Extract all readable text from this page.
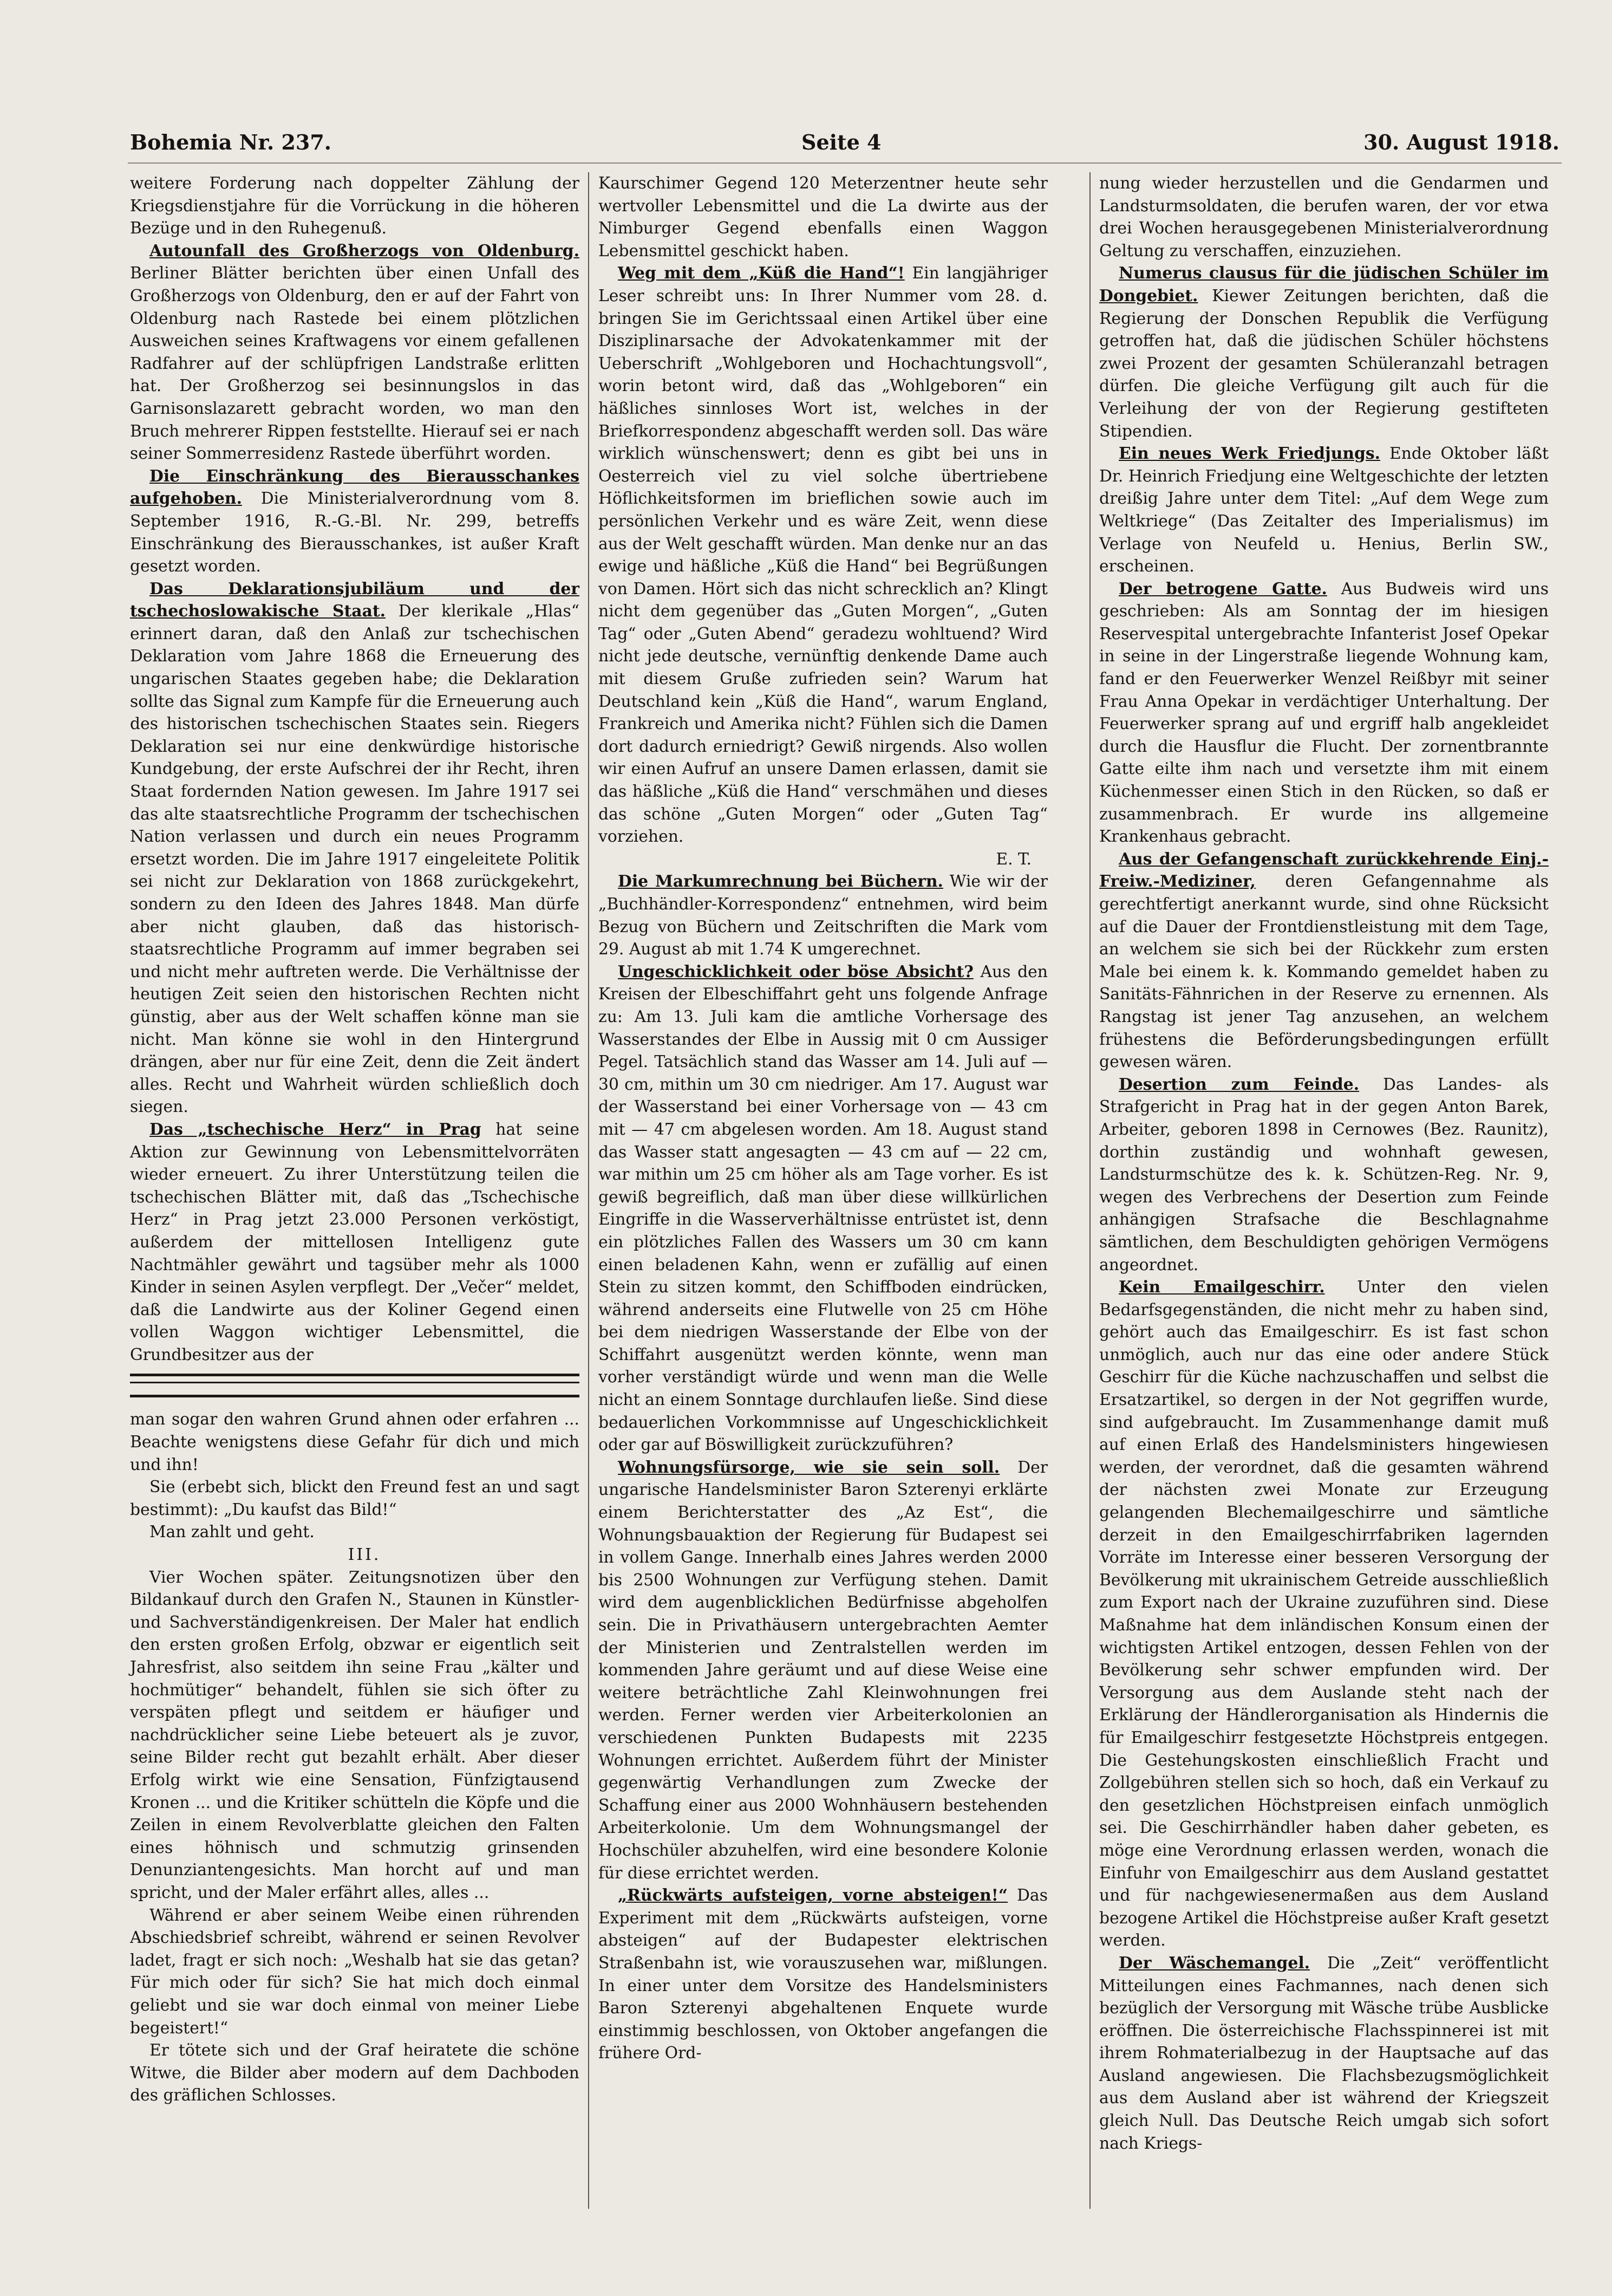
Bohemia Nr. 237.	Seite 4	30. August 1918.

weitere Forderung nach doppelter Zählung der Kriegsdienstjahre für die Vorrückung in die höheren Bezüge und in den Ruhegenuß.

Autounfall des Großherzogs von Oldenburg. Berliner Blätter berichten über einen Unfall des Großherzogs von Oldenburg, den er auf der Fahrt von Oldenburg nach Rastede bei einem plötzlichen Ausweichen seines Kraftwagens vor einem gefallenen Radfahrer auf der schlüpfrigen Landstraße erlitten hat. Der Großherzog sei besinnungslos in das Garnisonslazarett gebracht worden, wo man den Bruch mehrerer Rippen feststellte. Hierauf sei er nach seiner Sommerresidenz Rastede überführt worden.

Die Einschränkung des Bierausschankes aufgehoben. Die Ministerialverordnung vom 8. September 1916, R.-G.-Bl. Nr. 299, betreffs Einschränkung des Bierausschankes, ist außer Kraft gesetzt worden.

Das Deklarationsjubiläum und der tschechoslowakische Staat. Der klerikale „Hlas“ erinnert daran, daß den Anlaß zur tschechischen Deklaration vom Jahre 1868 die Erneuerung des ungarischen Staates gegeben habe; die Deklaration sollte das Signal zum Kampfe für die Erneuerung auch des historischen tschechischen Staates sein. Riegers Deklaration sei nur eine denkwürdige historische Kundgebung, der erste Aufschrei der ihr Recht, ihren Staat fordernden Nation gewesen. Im Jahre 1917 sei das alte staatsrechtliche Programm der tschechischen Nation verlassen und durch ein neues Programm ersetzt worden. Die im Jahre 1917 eingeleitete Politik sei nicht zur Deklaration von 1868 zurückgekehrt, sondern zu den Ideen des Jahres 1848. Man dürfe aber nicht glauben, daß das historisch-staatsrechtliche Programm auf immer begraben sei und nicht mehr auftreten werde. Die Verhältnisse der heutigen Zeit seien den historischen Rechten nicht günstig, aber aus der Welt schaffen könne man sie nicht. Man könne sie wohl in den Hintergrund drängen, aber nur für eine Zeit, denn die Zeit ändert alles. Recht und Wahrheit würden schließlich doch siegen.

Das „tschechische Herz“ in Prag hat seine Aktion zur Gewinnung von Lebensmittelvorräten wieder erneuert. Zu ihrer Unterstützung teilen die tschechischen Blätter mit, daß das „Tschechische Herz“ in Prag jetzt 23.000 Personen verköstigt, außerdem der mittellosen Intelligenz gute Nachtmähler gewährt und tagsüber mehr als 1000 Kinder in seinen Asylen verpflegt. Der „Večer“ meldet, daß die Landwirte aus der Koliner Gegend einen vollen Waggon wichtiger Lebensmittel, die Grundbesitzer aus der

man sogar den wahren Grund ahnen oder erfahren ... Beachte wenigstens diese Gefahr für dich und mich und ihn!

Sie (erbebt sich, blickt den Freund fest an und sagt bestimmt): „Du kaufst das Bild!“

Man zahlt und geht.

III.

Vier Wochen später. Zeitungsnotizen über den Bildankauf durch den Grafen N., Staunen in Künstler- und Sachverständigenkreisen. Der Maler hat endlich den ersten großen Erfolg, obzwar er eigentlich seit Jahresfrist, also seitdem ihn seine Frau „kälter und hochmütiger“ behandelt, fühlen sie sich öfter zu verspäten pflegt und seitdem er häufiger und nachdrücklicher seine Liebe beteuert als je zuvor, seine Bilder recht gut bezahlt erhält. Aber dieser Erfolg wirkt wie eine Sensation, Fünfzigtausend Kronen ... und die Kritiker schütteln die Köpfe und die Zeilen in einem Revolverblatte gleichen den Falten eines höhnisch und schmutzig grinsenden Denunziantengesichts. Man horcht auf und man spricht, und der Maler erfährt alles, alles ...

Während er aber seinem Weibe einen rührenden Abschiedsbrief schreibt, während er seinen Revolver ladet, fragt er sich noch: „Weshalb hat sie das getan? Für mich oder für sich? Sie hat mich doch einmal geliebt und sie war doch einmal von meiner Liebe begeistert!“

Er tötete sich und der Graf heiratete die schöne Witwe, die Bilder aber modern auf dem Dachboden des gräflichen Schlosses.

Kaurschimer Gegend 120 Meterzentner heute sehr wertvoller Lebensmittel und die La dwirte aus der Nimburger Gegend ebenfalls einen Waggon Lebensmittel geschickt haben.

Weg mit dem „Küß die Hand“! Ein langjähriger Leser schreibt uns: In Ihrer Nummer vom 28. d. bringen Sie im Gerichtssaal einen Artikel über eine Disziplinarsache der Advokatenkammer mit der Ueberschrift „Wohlgeboren und Hochachtungsvoll“, worin betont wird, daß das „Wohlgeboren“ ein häßliches sinnloses Wort ist, welches in der Briefkorrespondenz abgeschafft werden soll. Das wäre wirklich wünschenswert; denn es gibt bei uns in Oesterreich viel zu viel solche übertriebene Höflichkeitsformen im brieflichen sowie auch im persönlichen Verkehr und es wäre Zeit, wenn diese aus der Welt geschafft würden. Man denke nur an das ewige und häßliche „Küß die Hand“ bei Begrüßungen von Damen. Hört sich das nicht schrecklich an? Klingt nicht dem gegenüber das „Guten Morgen“, „Guten Tag“ oder „Guten Abend“ geradezu wohltuend? Wird nicht jede deutsche, vernünftig denkende Dame auch mit diesem Gruße zufrieden sein? Warum hat Deutschland kein „Küß die Hand“, warum England, Frankreich und Amerika nicht? Fühlen sich die Damen dort dadurch erniedrigt? Gewiß nirgends. Also wollen wir einen Aufruf an unsere Damen erlassen, damit sie das häßliche „Küß die Hand“ verschmähen und dieses das schöne „Guten Morgen“ oder „Guten Tag“ vorziehen.

E. T.

Die Markumrechnung bei Büchern. Wie wir der „Buchhändler-Korrespondenz“ entnehmen, wird beim Bezug von Büchern und Zeitschriften die Mark vom 29. August ab mit 1.74 K umgerechnet.

Ungeschicklichkeit oder böse Absicht? Aus den Kreisen der Elbeschiffahrt geht uns folgende Anfrage zu: Am 13. Juli kam die amtliche Vorhersage des Wasserstandes der Elbe in Aussig mit 0 cm Aussiger Pegel. Tatsächlich stand das Wasser am 14. Juli auf — 30 cm, mithin um 30 cm niedriger. Am 17. August war der Wasserstand bei einer Vorhersage von — 43 cm mit — 47 cm abgelesen worden. Am 18. August stand das Wasser statt angesagten — 43 cm auf — 22 cm, war mithin um 25 cm höher als am Tage vorher. Es ist gewiß begreiflich, daß man über diese willkürlichen Eingriffe in die Wasserverhältnisse entrüstet ist, denn ein plötzliches Fallen des Wassers um 30 cm kann einen beladenen Kahn, wenn er zufällig auf einen Stein zu sitzen kommt, den Schiffboden eindrücken, während anderseits eine Flutwelle von 25 cm Höhe bei dem niedrigen Wasserstande der Elbe von der Schiffahrt ausgenützt werden könnte, wenn man vorher verständigt würde und wenn man die Welle nicht an einem Sonntage durchlaufen ließe. Sind diese bedauerlichen Vorkommnisse auf Ungeschicklichkeit oder gar auf Böswilligkeit zurückzuführen?

Wohnungsfürsorge, wie sie sein soll. Der ungarische Handelsminister Baron Szterenyi erklärte einem Berichterstatter des „Az Est“, die Wohnungsbauaktion der Regierung für Budapest sei in vollem Gange. Innerhalb eines Jahres werden 2000 bis 2500 Wohnungen zur Verfügung stehen. Damit wird dem augenblicklichen Bedürfnisse abgeholfen sein. Die in Privathäusern untergebrachten Aemter der Ministerien und Zentralstellen werden im kommenden Jahre geräumt und auf diese Weise eine weitere beträchtliche Zahl Kleinwohnungen frei werden. Ferner werden vier Arbeiterkolonien an verschiedenen Punkten Budapests mit 2235 Wohnungen errichtet. Außerdem führt der Minister gegenwärtig Verhandlungen zum Zwecke der Schaffung einer aus 2000 Wohnhäusern bestehenden Arbeiterkolonie. Um dem Wohnungsmangel der Hochschüler abzuhelfen, wird eine besondere Kolonie für diese errichtet werden.

„Rückwärts aufsteigen, vorne absteigen!“ Das Experiment mit dem „Rückwärts aufsteigen, vorne absteigen“ auf der Budapester elektrischen Straßenbahn ist, wie vorauszusehen war, mißlungen. In einer unter dem Vorsitze des Handelsministers Baron Szterenyi abgehaltenen Enquete wurde einstimmig beschlossen, von Oktober angefangen die frühere Ord-

nung wieder herzustellen und die Gendarmen und Landsturmsoldaten, die berufen waren, der vor etwa drei Wochen herausgegebenen Ministerialverordnung Geltung zu verschaffen, einzuziehen.

Numerus clausus für die jüdischen Schüler im Dongebiet. Kiewer Zeitungen berichten, daß die Regierung der Donschen Republik die Verfügung getroffen hat, daß die jüdischen Schüler höchstens zwei Prozent der gesamten Schüleranzahl betragen dürfen. Die gleiche Verfügung gilt auch für die Verleihung der von der Regierung gestifteten Stipendien.

Ein neues Werk Friedjungs. Ende Oktober läßt Dr. Heinrich Friedjung eine Weltgeschichte der letzten dreißig Jahre unter dem Titel: „Auf dem Wege zum Weltkriege“ (Das Zeitalter des Imperialismus) im Verlage von Neufeld u. Henius, Berlin SW., erscheinen.

Der betrogene Gatte. Aus Budweis wird uns geschrieben: Als am Sonntag der im hiesigen Reservespital untergebrachte Infanterist Josef Opekar in seine in der Lingerstraße liegende Wohnung kam, fand er den Feuerwerker Wenzel Reißbyr mit seiner Frau Anna Opekar in verdächtiger Unterhaltung. Der Feuerwerker sprang auf und ergriff halb angekleidet durch die Hausflur die Flucht. Der zornentbrannte Gatte eilte ihm nach und versetzte ihm mit einem Küchenmesser einen Stich in den Rücken, so daß er zusammenbrach. Er wurde ins allgemeine Krankenhaus gebracht.

Aus der Gefangenschaft zurückkehrende Einj.-Freiw.-Mediziner, deren Gefangennahme als gerechtfertigt anerkannt wurde, sind ohne Rücksicht auf die Dauer der Frontdienstleistung mit dem Tage, an welchem sie sich bei der Rückkehr zum ersten Male bei einem k. k. Kommando gemeldet haben zu Sanitäts-Fähnrichen in der Reserve zu ernennen. Als Rangstag ist jener Tag anzusehen, an welchem frühestens die Beförderungsbedingungen erfüllt gewesen wären.

Desertion zum Feinde. Das Landes- als Strafgericht in Prag hat in der gegen Anton Barek, Arbeiter, geboren 1898 in Cernowes (Bez. Raunitz), dorthin zuständig und wohnhaft gewesen, Landsturmschütze des k. k. Schützen-Reg. Nr. 9, wegen des Verbrechens der Desertion zum Feinde anhängigen Strafsache die Beschlagnahme sämtlichen, dem Beschuldigten gehörigen Vermögens angeordnet.

Kein Emailgeschirr. Unter den vielen Bedarfsgegenständen, die nicht mehr zu haben sind, gehört auch das Emailgeschirr. Es ist fast schon unmöglich, auch nur das eine oder andere Stück Geschirr für die Küche nachzuschaffen und selbst die Ersatzartikel, so dergen in der Not gegriffen wurde, sind aufgebraucht. Im Zusammenhange damit muß auf einen Erlaß des Handelsministers hingewiesen werden, der verordnet, daß die gesamten während der nächsten zwei Monate zur Erzeugung gelangenden Blechemailgeschirre und sämtliche derzeit in den Emailgeschirrfabriken lagernden Vorräte im Interesse einer besseren Versorgung der Bevölkerung mit ukrainischem Getreide ausschließlich zum Export nach der Ukraine zuzuführen sind. Diese Maßnahme hat dem inländischen Konsum einen der wichtigsten Artikel entzogen, dessen Fehlen von der Bevölkerung sehr schwer empfunden wird. Der Versorgung aus dem Auslande steht nach der Erklärung der Händlerorganisation als Hindernis die für Emailgeschirr festgesetzte Höchstpreis entgegen. Die Gestehungskosten einschließlich Fracht und Zollgebühren stellen sich so hoch, daß ein Verkauf zu den gesetzlichen Höchstpreisen einfach unmöglich sei. Die Geschirrhändler haben daher gebeten, es möge eine Verordnung erlassen werden, wonach die Einfuhr von Emailgeschirr aus dem Ausland gestattet und für nachgewiesenermaßen aus dem Ausland bezogene Artikel die Höchstpreise außer Kraft gesetzt werden.

Der Wäschemangel. Die „Zeit“ veröffentlicht Mitteilungen eines Fachmannes, nach denen sich bezüglich der Versorgung mit Wäsche trübe Ausblicke eröffnen. Die österreichische Flachsspinnerei ist mit ihrem Rohmaterialbezug in der Hauptsache auf das Ausland angewiesen. Die Flachsbezugsmöglichkeit aus dem Ausland aber ist während der Kriegszeit gleich Null. Das Deutsche Reich umgab sich sofort nach Kriegs-
